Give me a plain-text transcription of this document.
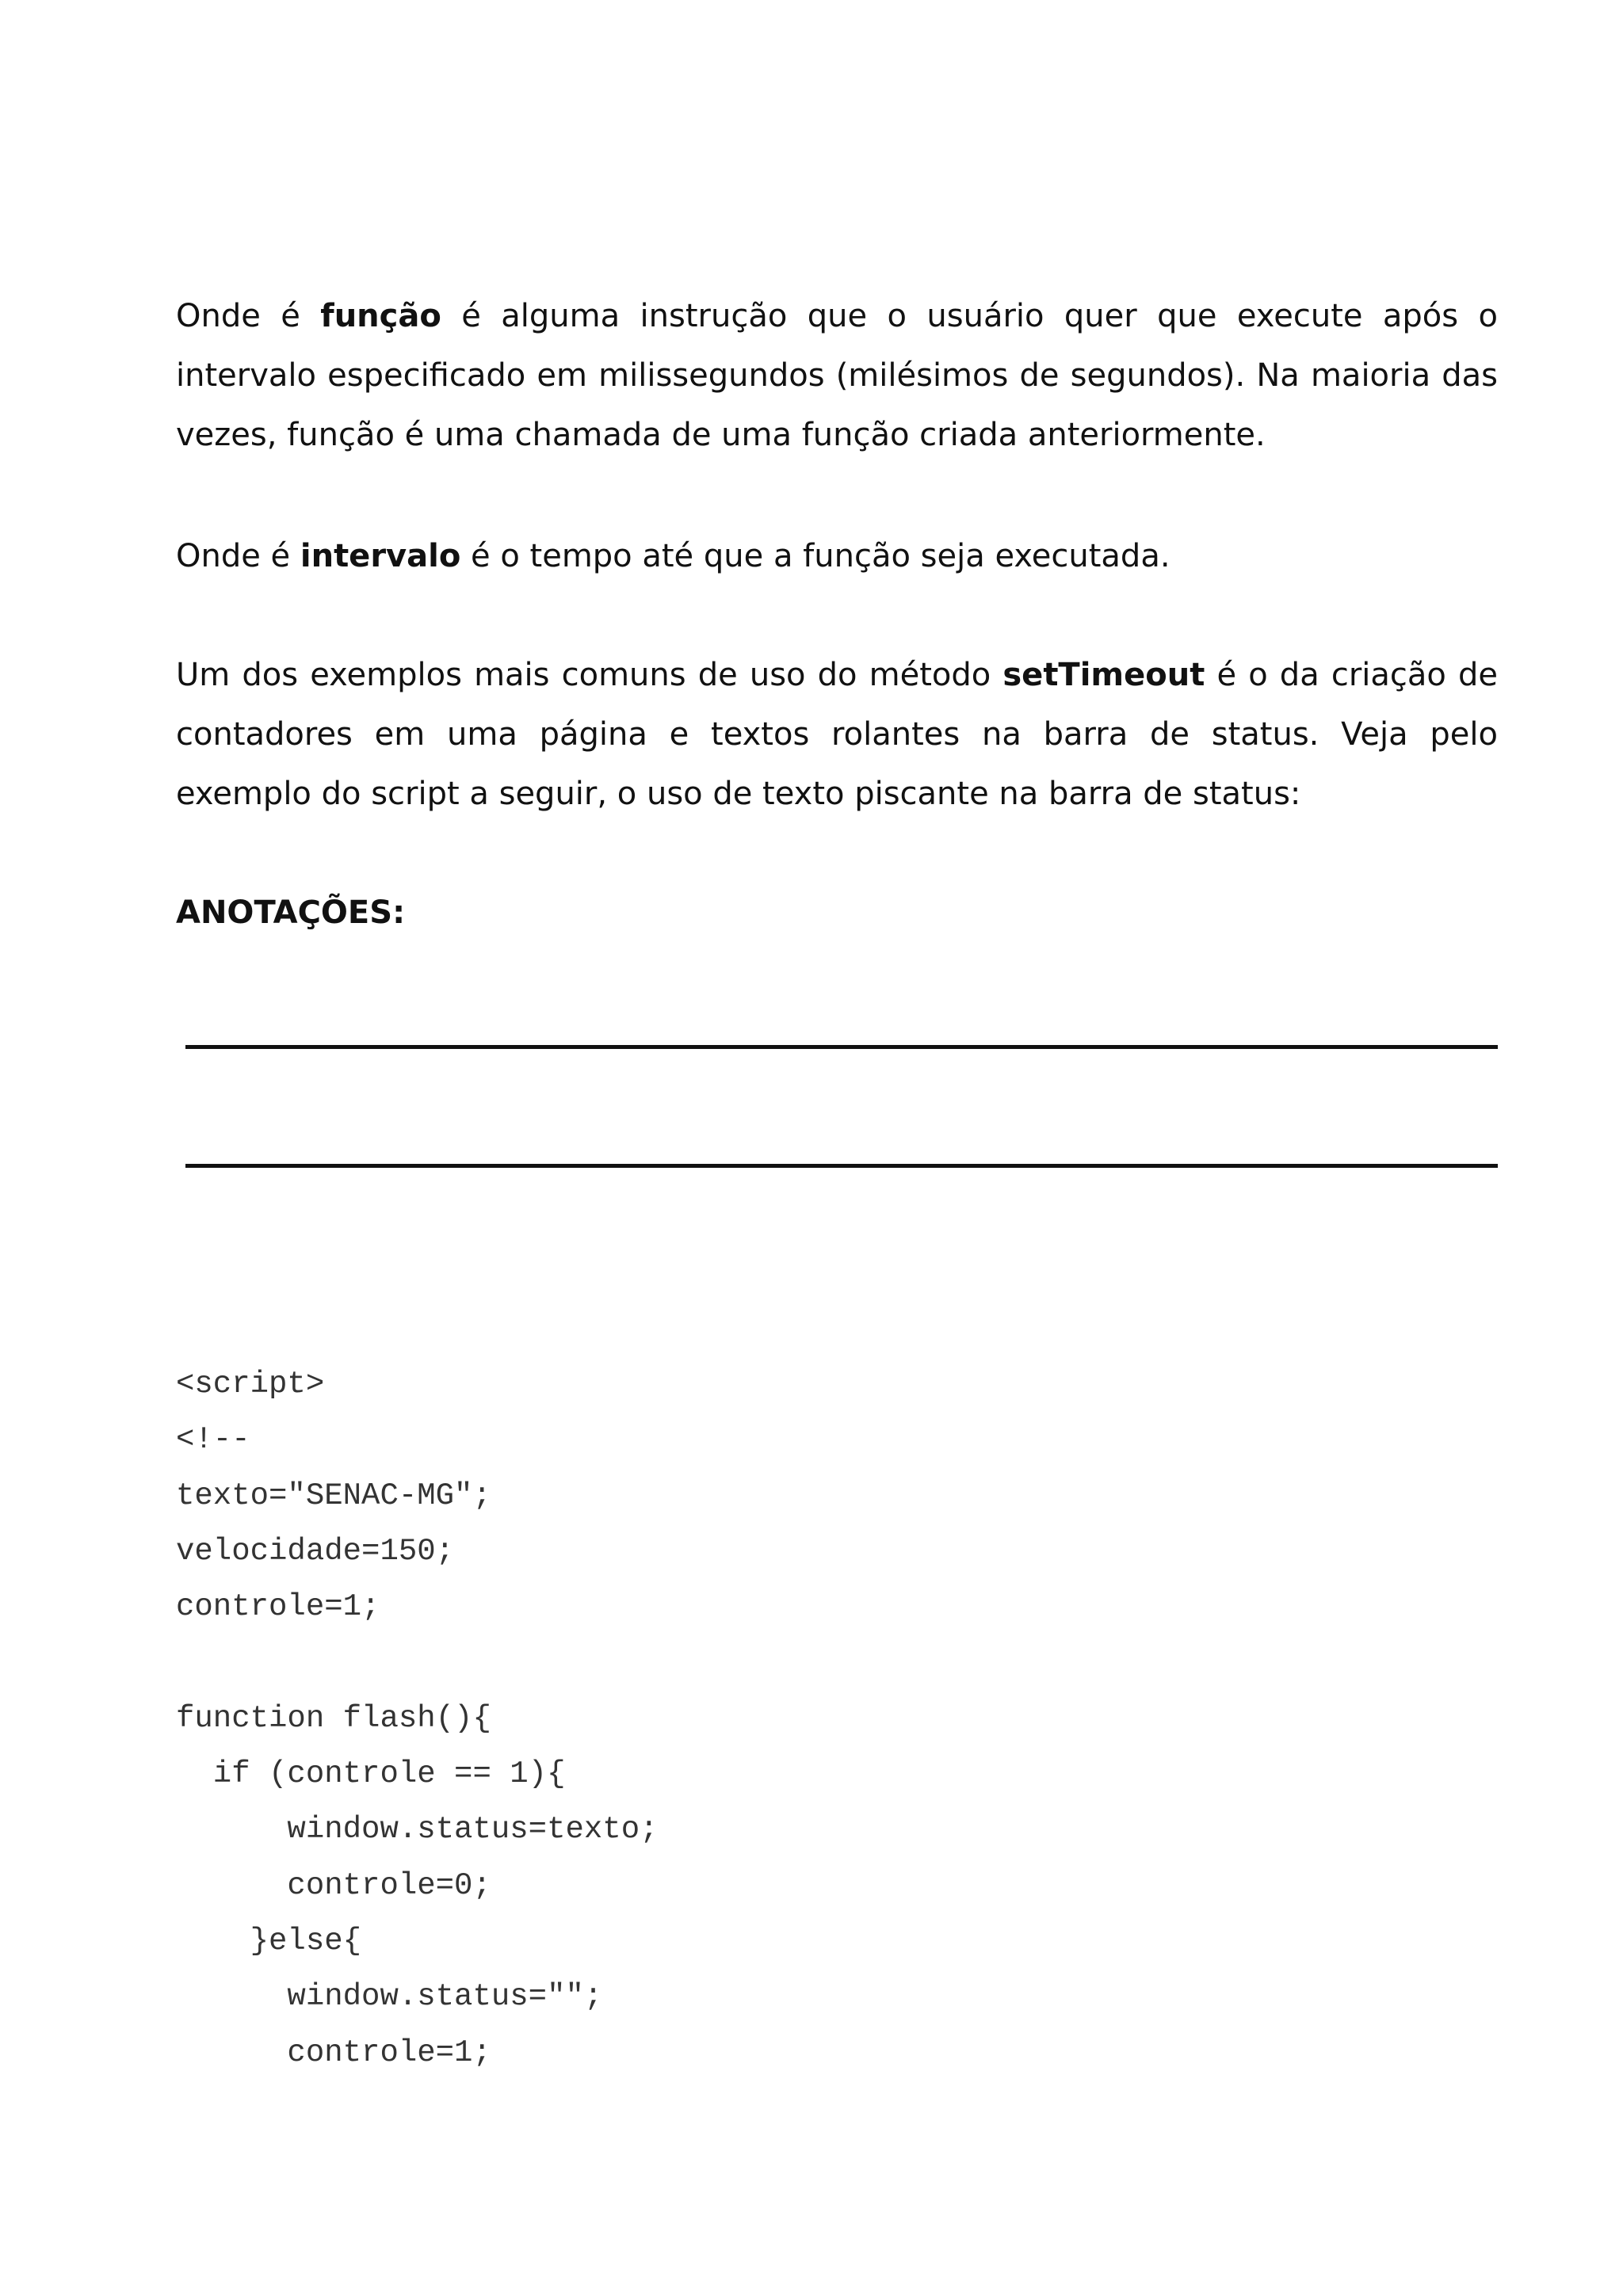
Onde é função é alguma instrução que o usuário quer que execute após o intervalo especificado em milissegundos (milésimos de segundos). Na maioria das vezes, função é uma chamada de uma função criada anteriormente.

Onde é intervalo é o tempo até que a função seja executada.

Um dos exemplos mais comuns de uso do método setTimeout é o da criação de contadores em uma página e textos rolantes na barra de status. Veja pelo exemplo do script a seguir, o uso de texto piscante na barra de status:

ANOTAÇÕES:

<script>
<!--
texto="SENAC-MG";
velocidade=150;
controle=1;
function flash(){
if (controle == 1){
window.status=texto;
controle=0;
}else{
window.status="";
controle=1;
